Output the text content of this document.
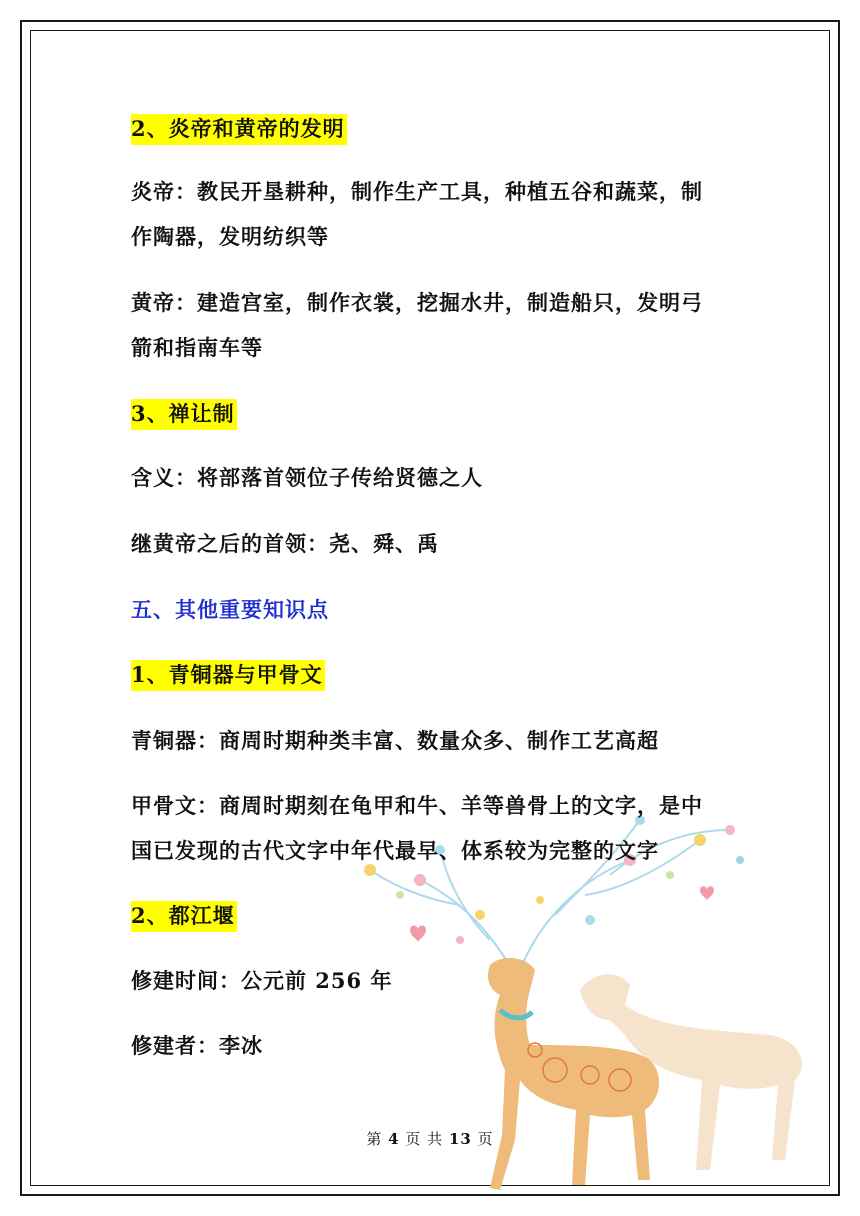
2、炎帝和黄帝的发明
炎帝：教民开垦耕种，制作生产工具，种植五谷和蔬菜，制
作陶器，发明纺织等
黄帝：建造宫室，制作衣裳，挖掘水井，制造船只，发明弓
箭和指南车等
3、禅让制
含义：将部落首领位子传给贤德之人
继黄帝之后的首领：尧、舜、禹
五、其他重要知识点
1、青铜器与甲骨文
青铜器：商周时期种类丰富、数量众多、制作工艺高超
甲骨文：商周时期刻在龟甲和牛、羊等兽骨上的文字，是中
国已发现的古代文字中年代最早、体系较为完整的文字
2、都江堰
修建时间：公元前 256 年
修建者：李冰
第 4 页 共 13 页
